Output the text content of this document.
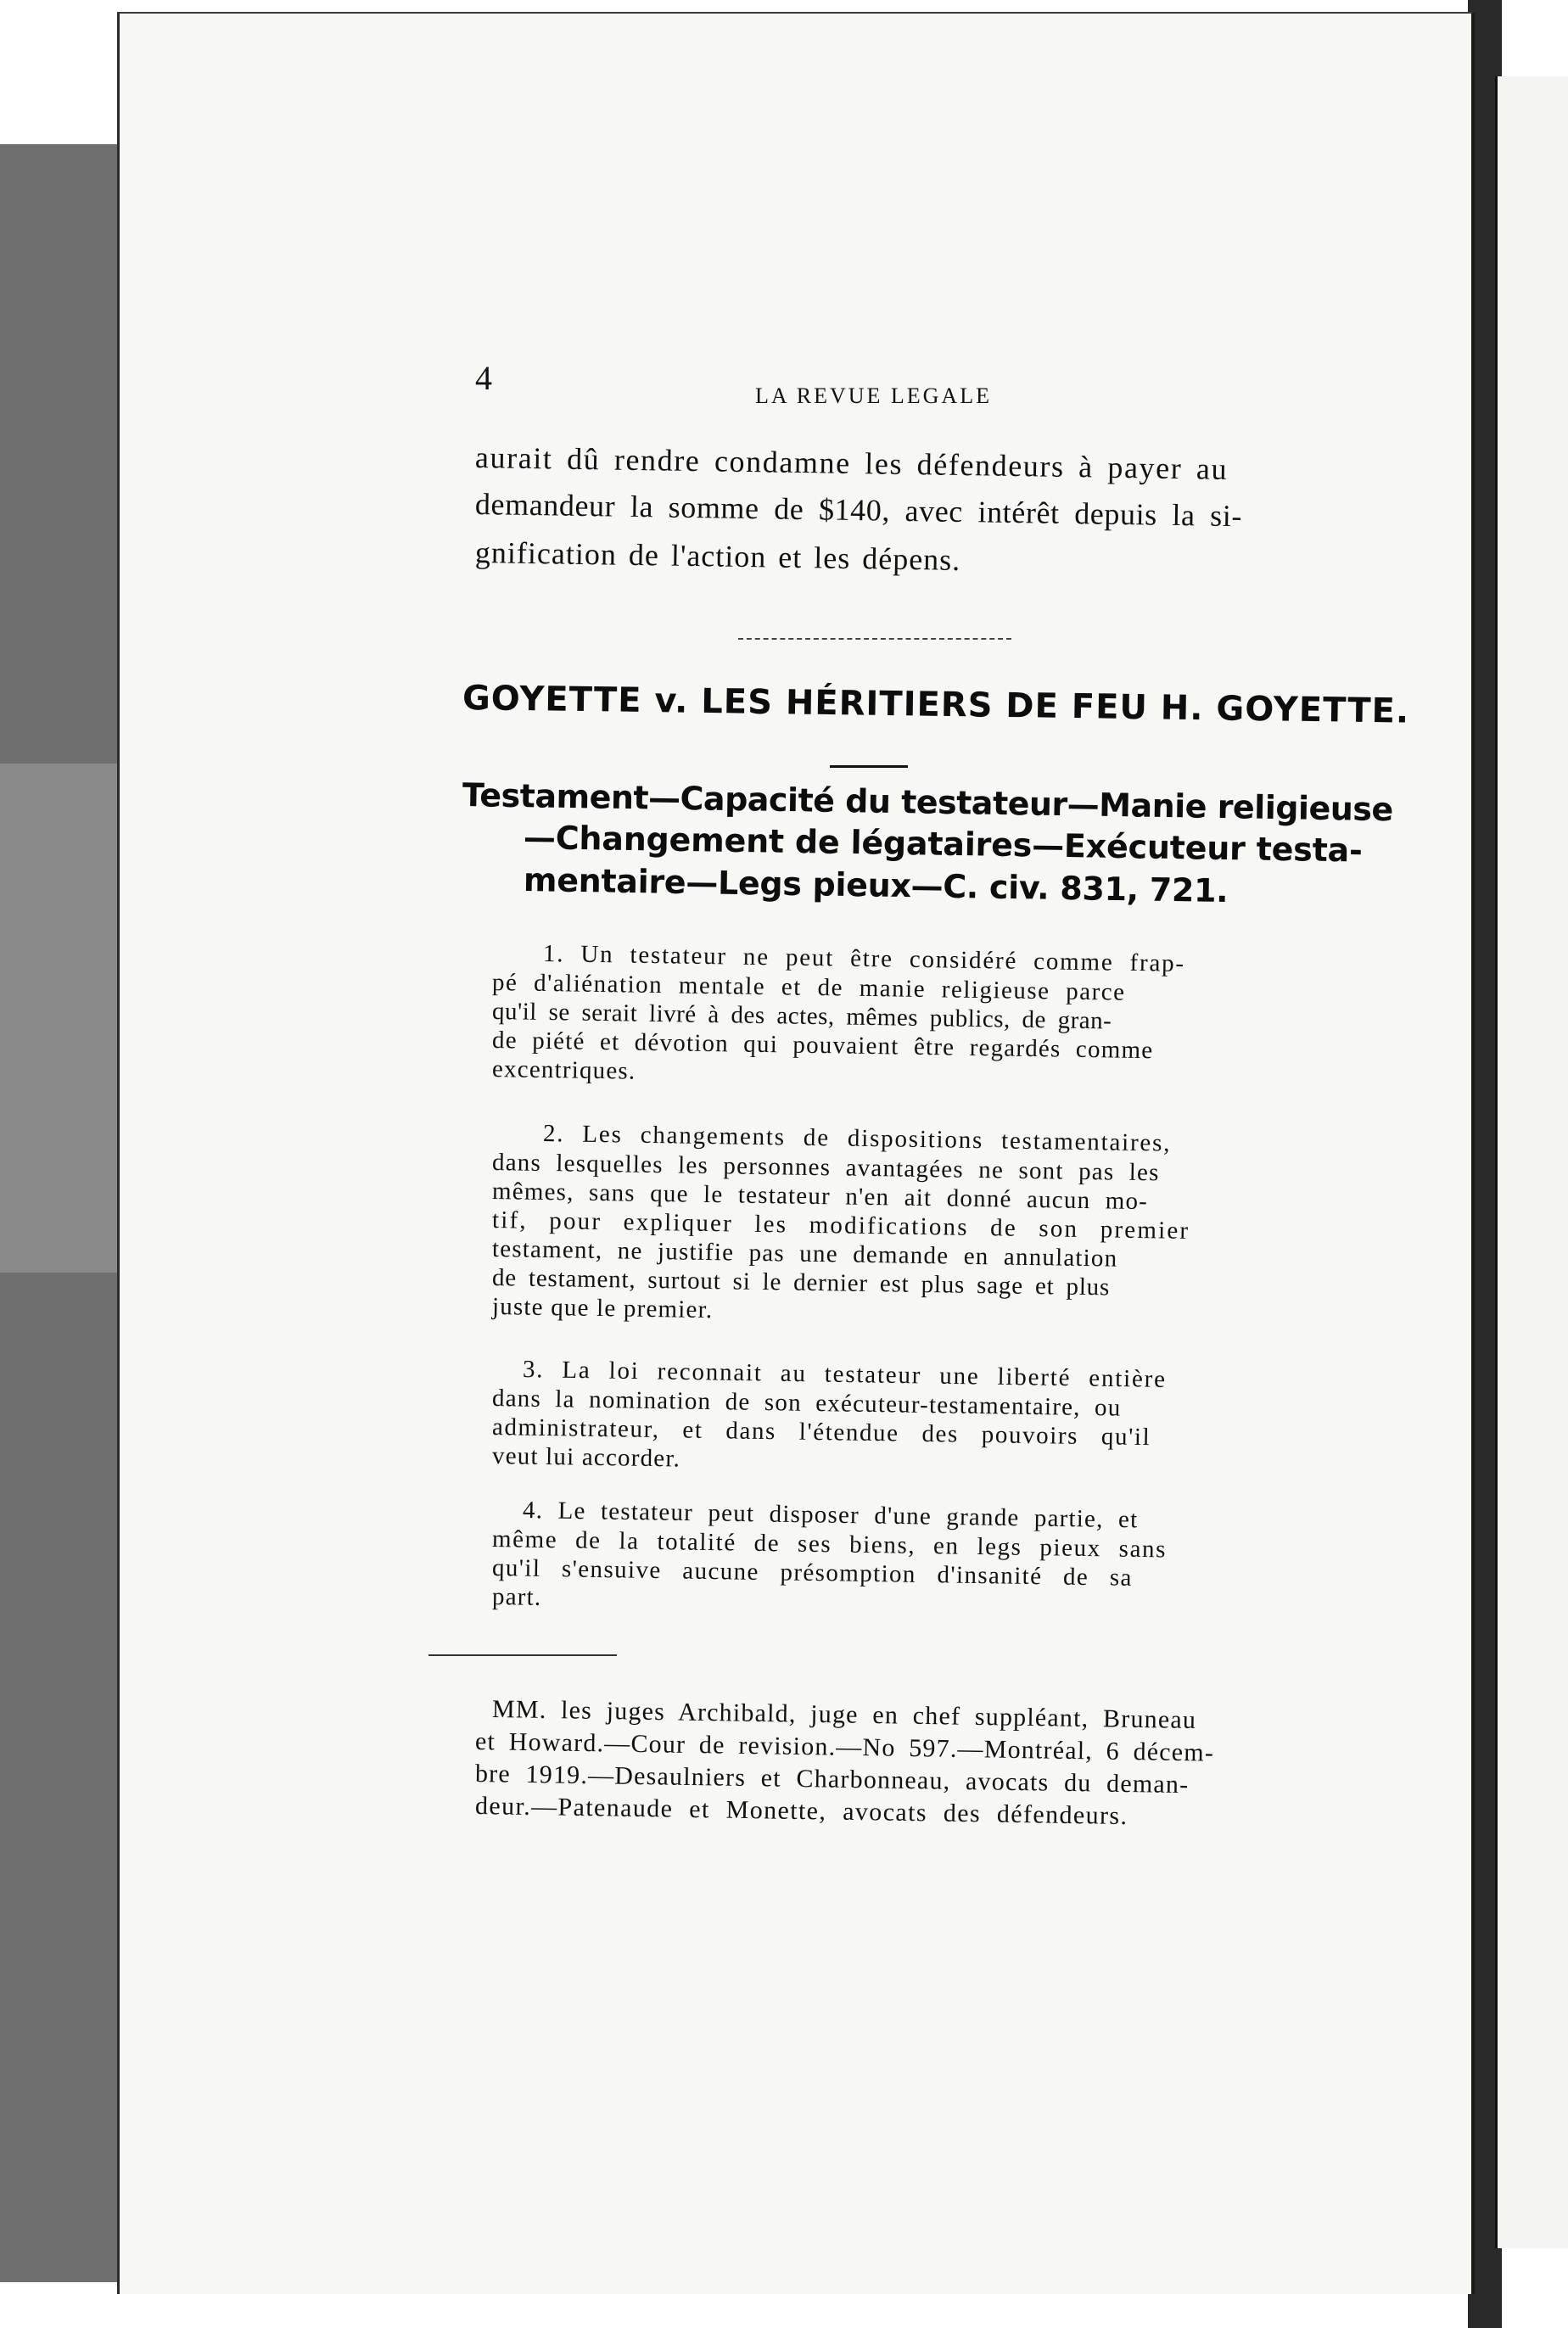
4	LA REVUE LEGALE
aurait dû rendre condamne les défendeurs à payer au
demandeur la somme de $140, avec intérêt depuis la si-
gnification de l'action et les dépens.
GOYETTE v. LES HÉRITIERS DE FEU H. GOYETTE.
Testament—Capacité du testateur—Manie religieuse
—Changement de légataires—Exécuteur testa-
mentaire—Legs pieux—C. civ. 831, 721.
1. Un testateur ne peut être considéré comme frap-
pé d'aliénation mentale et de manie religieuse parce
qu'il se serait livré à des actes, mêmes publics, de gran-
de piété et dévotion qui pouvaient être regardés comme
excentriques.
2. Les changements de dispositions testamentaires,
dans lesquelles les personnes avantagées ne sont pas les
mêmes, sans que le testateur n'en ait donné aucun mo-
tif, pour expliquer les modifications de son premier
testament, ne justifie pas une demande en annulation
de testament, surtout si le dernier est plus sage et plus
juste que le premier.
3. La loi reconnait au testateur une liberté entière
dans la nomination de son exécuteur-testamentaire, ou
administrateur, et dans l'étendue des pouvoirs qu'il
veut lui accorder.
4. Le testateur peut disposer d'une grande partie, et
même de la totalité de ses biens, en legs pieux sans
qu'il s'ensuive aucune présomption d'insanité de sa
part.
MM. les juges Archibald, juge en chef suppléant, Bruneau
et Howard.—Cour de revision.—No 597.—Montréal, 6 décem-
bre 1919.—Desaulniers et Charbonneau, avocats du deman-
deur.—Patenaude et Monette, avocats des défendeurs.
